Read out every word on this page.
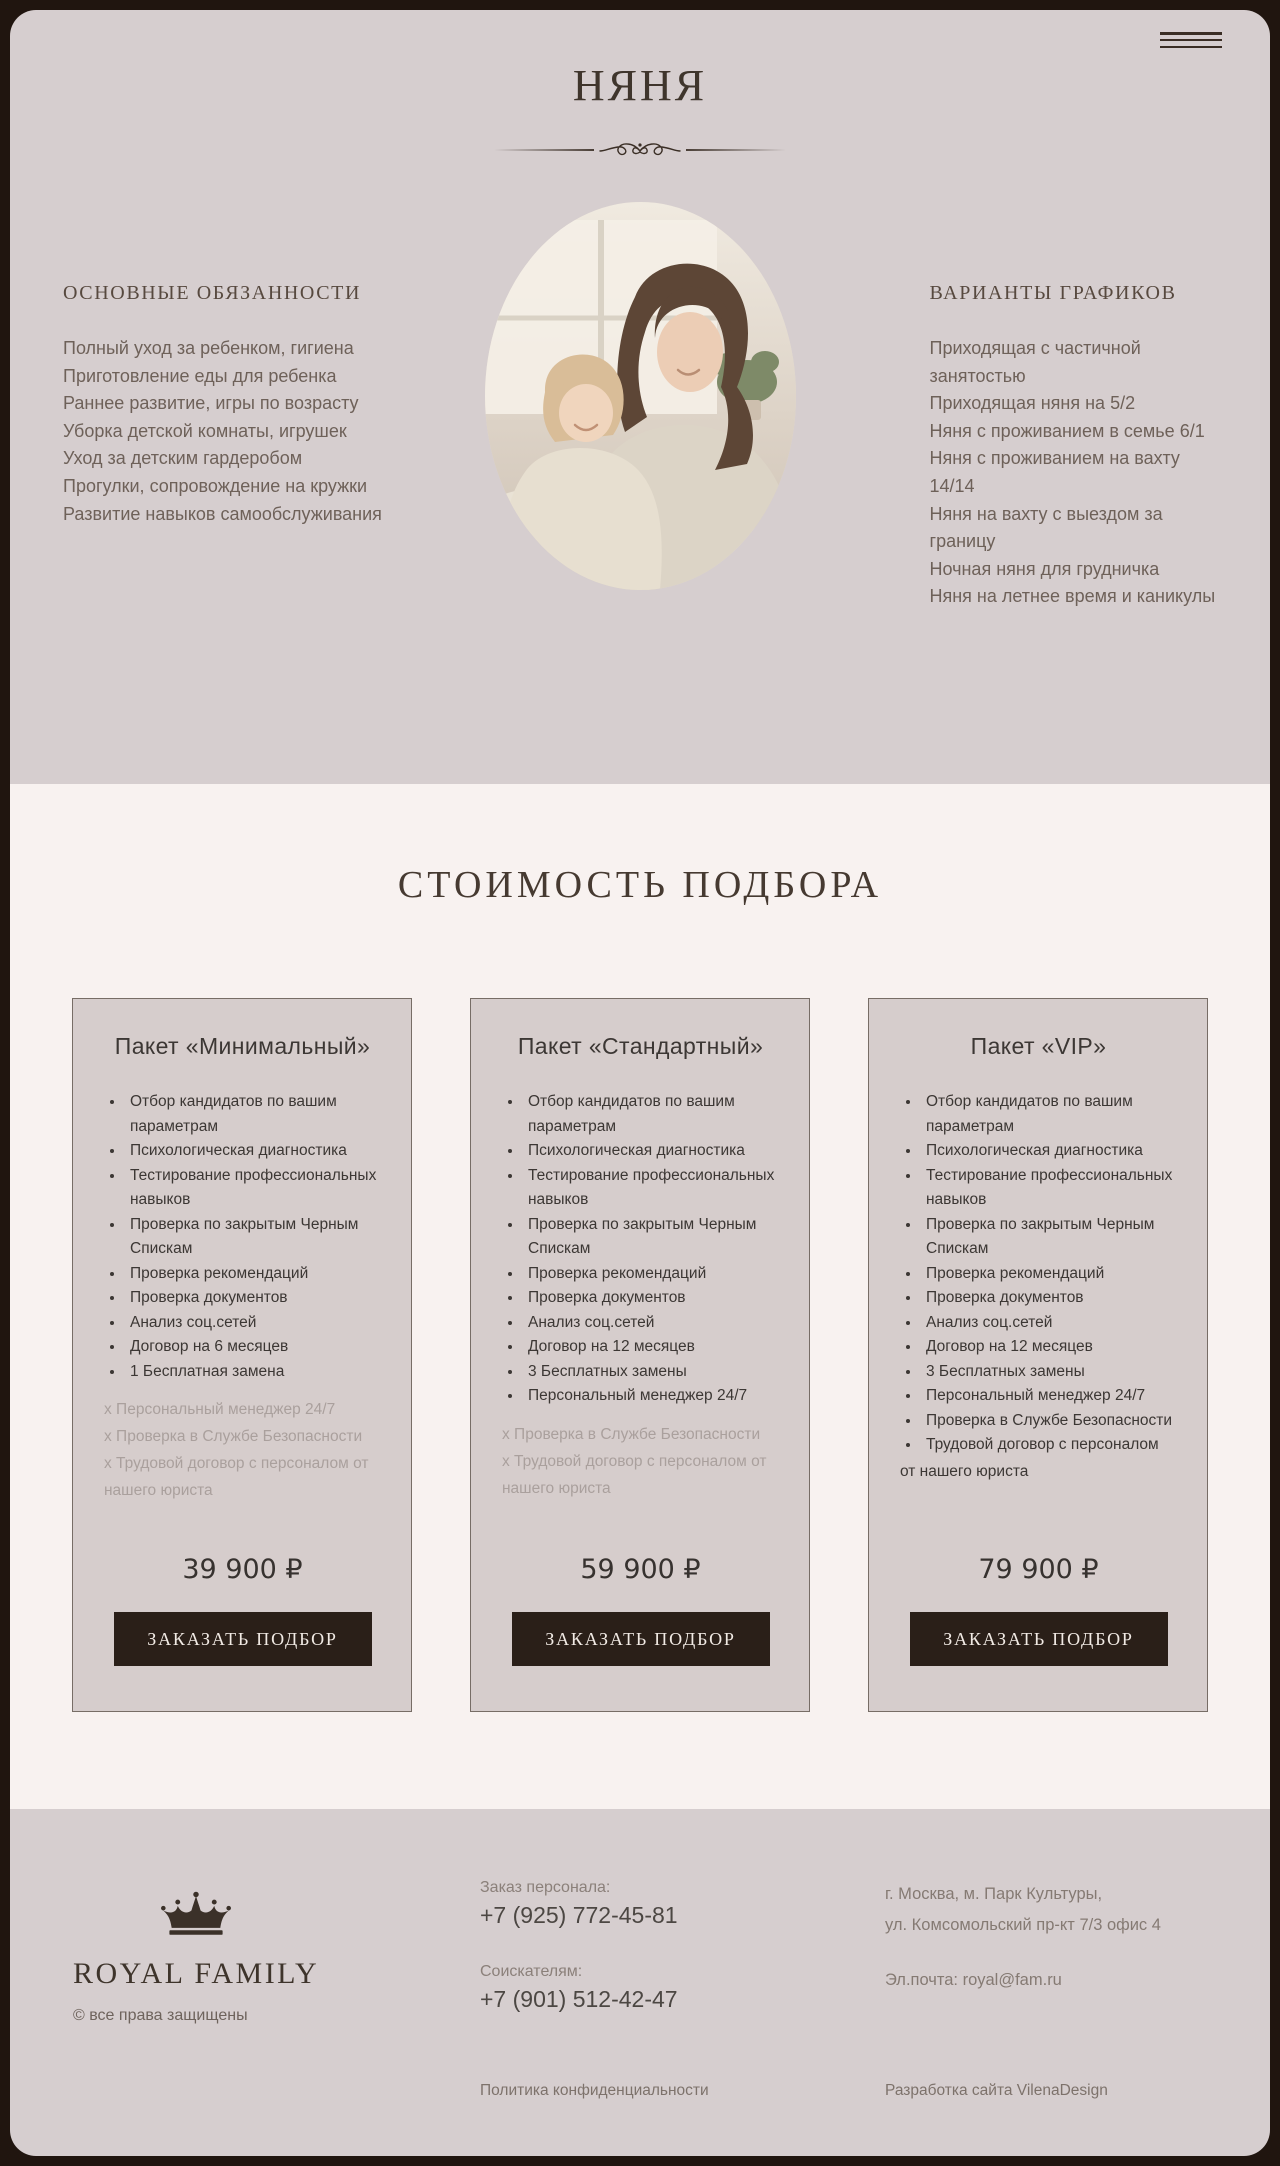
НЯНЯ
ОСНОВНЫЕ ОБЯЗАННОСТИ
Полный уход за ребенком, гигиена
Приготовление еды для ребенка
Раннее развитие, игры по возрасту
Уборка детской комнаты, игрушек
Уход за детским гардеробом
Прогулки, сопровождение на кружки
Развитие навыков самообслуживания
ВАРИАНТЫ ГРАФИКОВ
Приходящая с частичной занятостью
Приходящая няня на 5/2
Няня с проживанием в семье 6/1
Няня с проживанием на вахту 14/14
Няня на вахту с выездом за границу
Ночная няня для грудничка
Няня на летнее время и каникулы
СТОИМОСТЬ ПОДБОРА
Пакет «Минимальный»
• Отбор кандидатов по вашим параметрам
• Психологическая диагностика
• Тестирование профессиональных навыков
• Проверка по закрытым Черным Спискам
• Проверка рекомендаций
• Проверка документов
• Анализ соц.сетей
• Договор на 6 месяцев
• 1 Бесплатная замена
х Персональный менеджер 24/7
х Проверка в Службе Безопасности
х Трудовой договор с персоналом от нашего юриста
39 900 ₽
ЗАКАЗАТЬ ПОДБОР
Пакет «Стандартный»
• Отбор кандидатов по вашим параметрам
• Психологическая диагностика
• Тестирование профессиональных навыков
• Проверка по закрытым Черным Спискам
• Проверка рекомендаций
• Проверка документов
• Анализ соц.сетей
• Договор на 12 месяцев
• 3 Бесплатных замены
• Персональный менеджер 24/7
х Проверка в Службе Безопасности
х Трудовой договор с персоналом от нашего юриста
59 900 ₽
ЗАКАЗАТЬ ПОДБОР
Пакет «VIP»
• Отбор кандидатов по вашим параметрам
• Психологическая диагностика
• Тестирование профессиональных навыков
• Проверка по закрытым Черным Спискам
• Проверка рекомендаций
• Проверка документов
• Анализ соц.сетей
• Договор на 12 месяцев
• 3 Бесплатных замены
• Персональный менеджер 24/7
• Проверка в Службе Безопасности
• Трудовой договор с персоналом
от нашего юриста
79 900 ₽
ЗАКАЗАТЬ ПОДБОР
ROYAL FAMILY
© все права защищены
Заказ персонала:
+7 (925) 772-45-81
Соискателям:
+7 (901) 512-42-47

г. Москва, м. Парк Культуры,

ул. Комсомольский пр-кт 7/3 офис 4

Эл.почта: royal@fam.ru
Политика конфиденциальности	Разработка сайта VilenaDesign
